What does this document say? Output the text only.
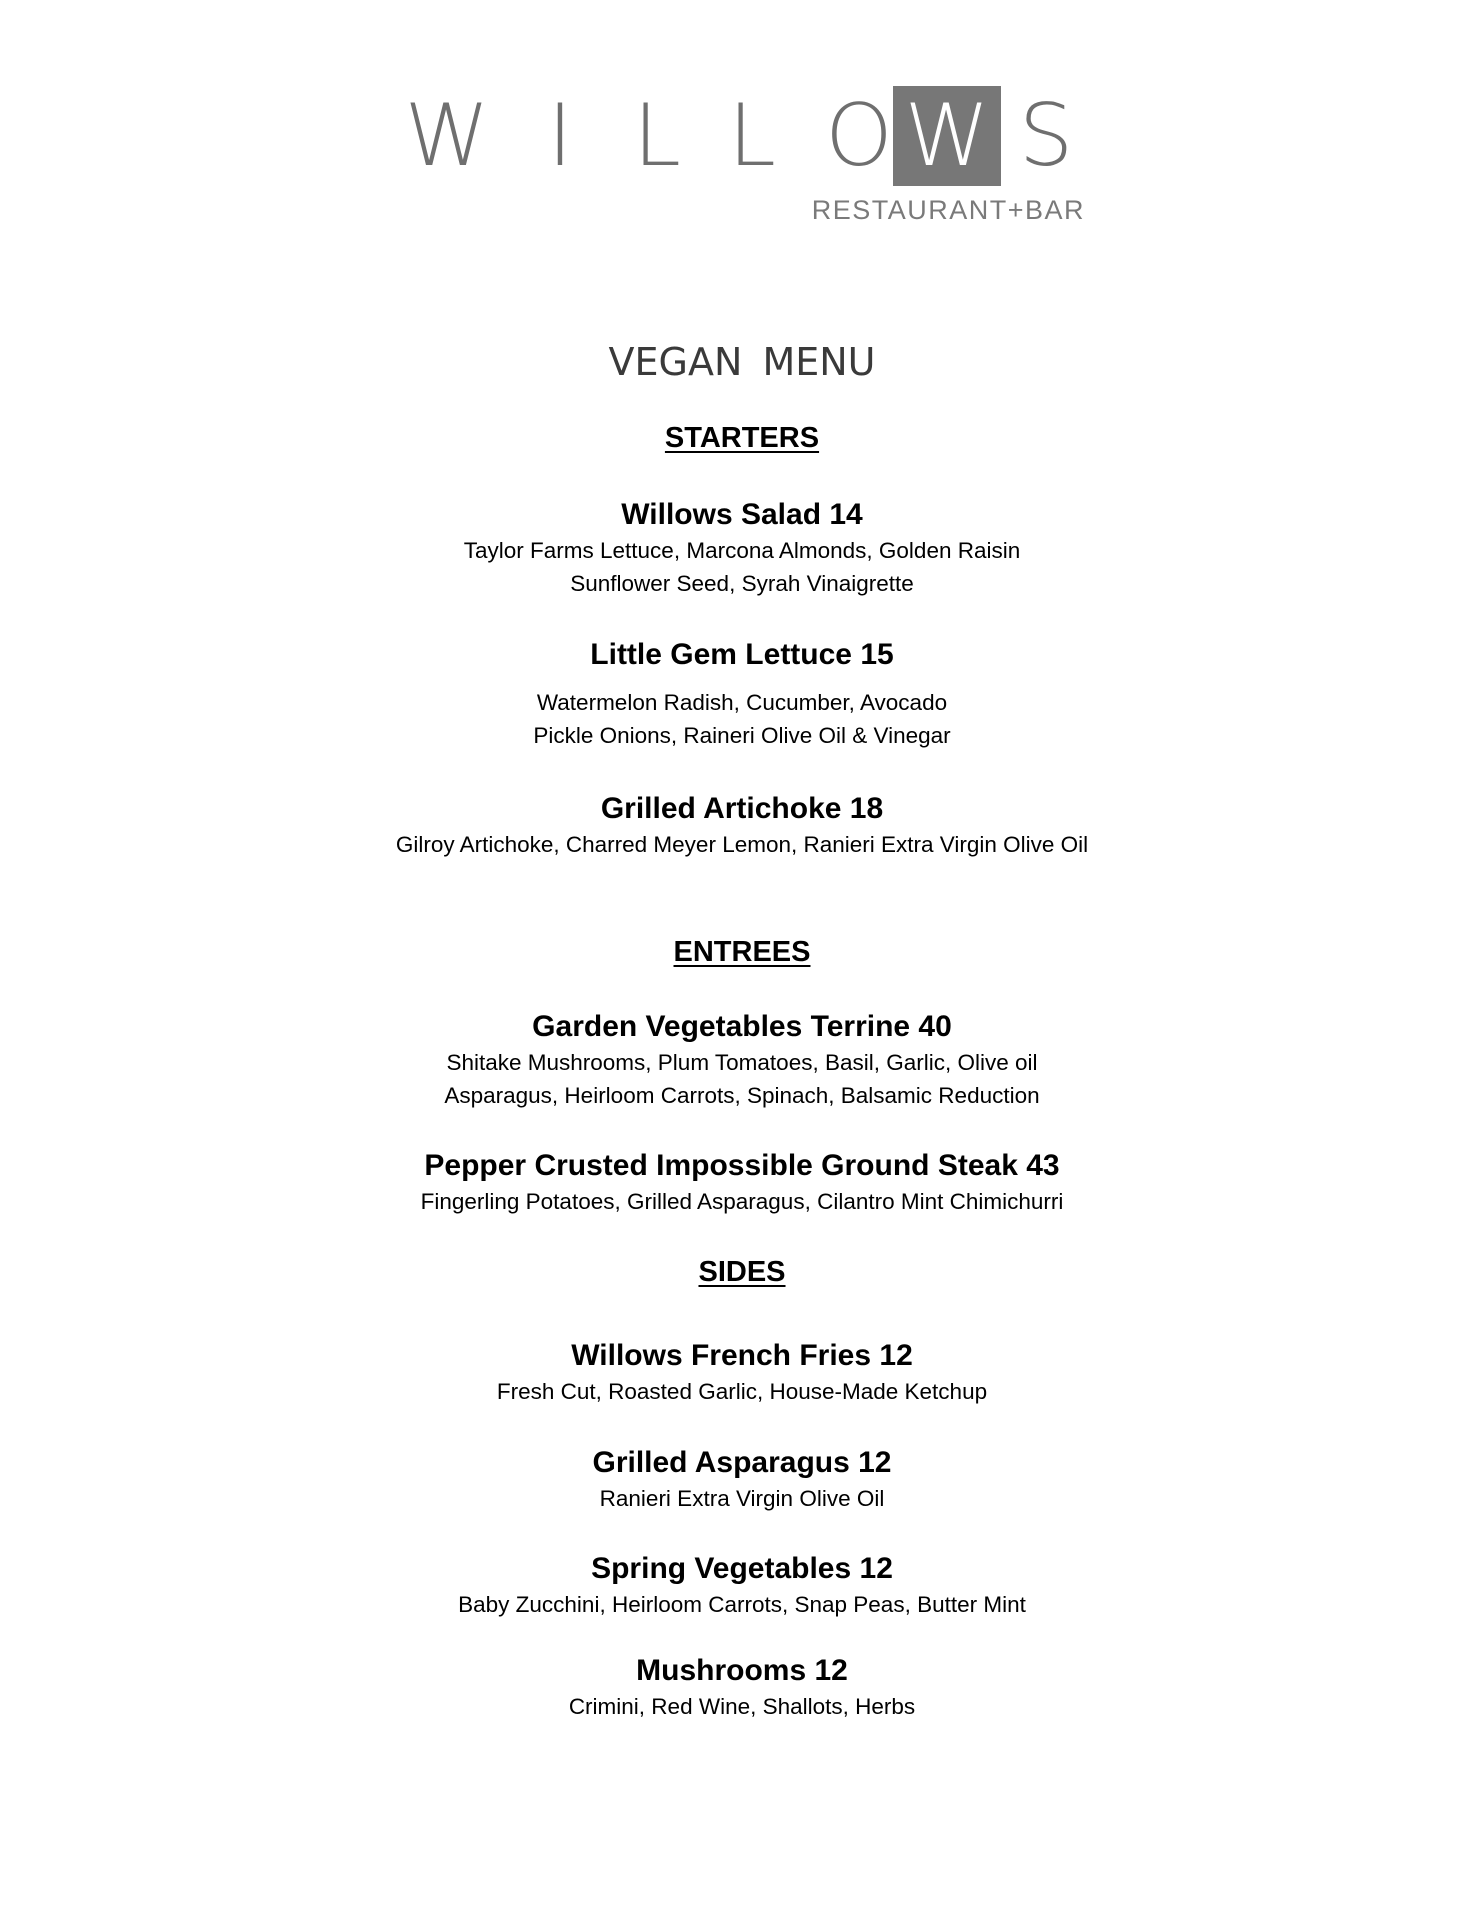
W I L L O W S
RESTAURANT+BAR
VEGAN MENU

STARTERS

Willows Salad 14

Taylor Farms Lettuce, Marcona Almonds, Golden Raisin

Sunflower Seed, Syrah Vinaigrette

Little Gem Lettuce 15

Watermelon Radish, Cucumber, Avocado

Pickle Onions, Raineri Olive Oil & Vinegar

Grilled Artichoke 18

Gilroy Artichoke, Charred Meyer Lemon, Ranieri Extra Virgin Olive Oil

ENTREES

Garden Vegetables Terrine 40

Shitake Mushrooms, Plum Tomatoes, Basil, Garlic, Olive oil

Asparagus, Heirloom Carrots, Spinach, Balsamic Reduction

Pepper Crusted Impossible Ground Steak 43

Fingerling Potatoes, Grilled Asparagus, Cilantro Mint Chimichurri

SIDES

Willows French Fries 12

Fresh Cut, Roasted Garlic, House-Made Ketchup

Grilled Asparagus 12

Ranieri Extra Virgin Olive Oil

Spring Vegetables 12

Baby Zucchini, Heirloom Carrots, Snap Peas, Butter Mint

Mushrooms 12

Crimini, Red Wine, Shallots, Herbs
